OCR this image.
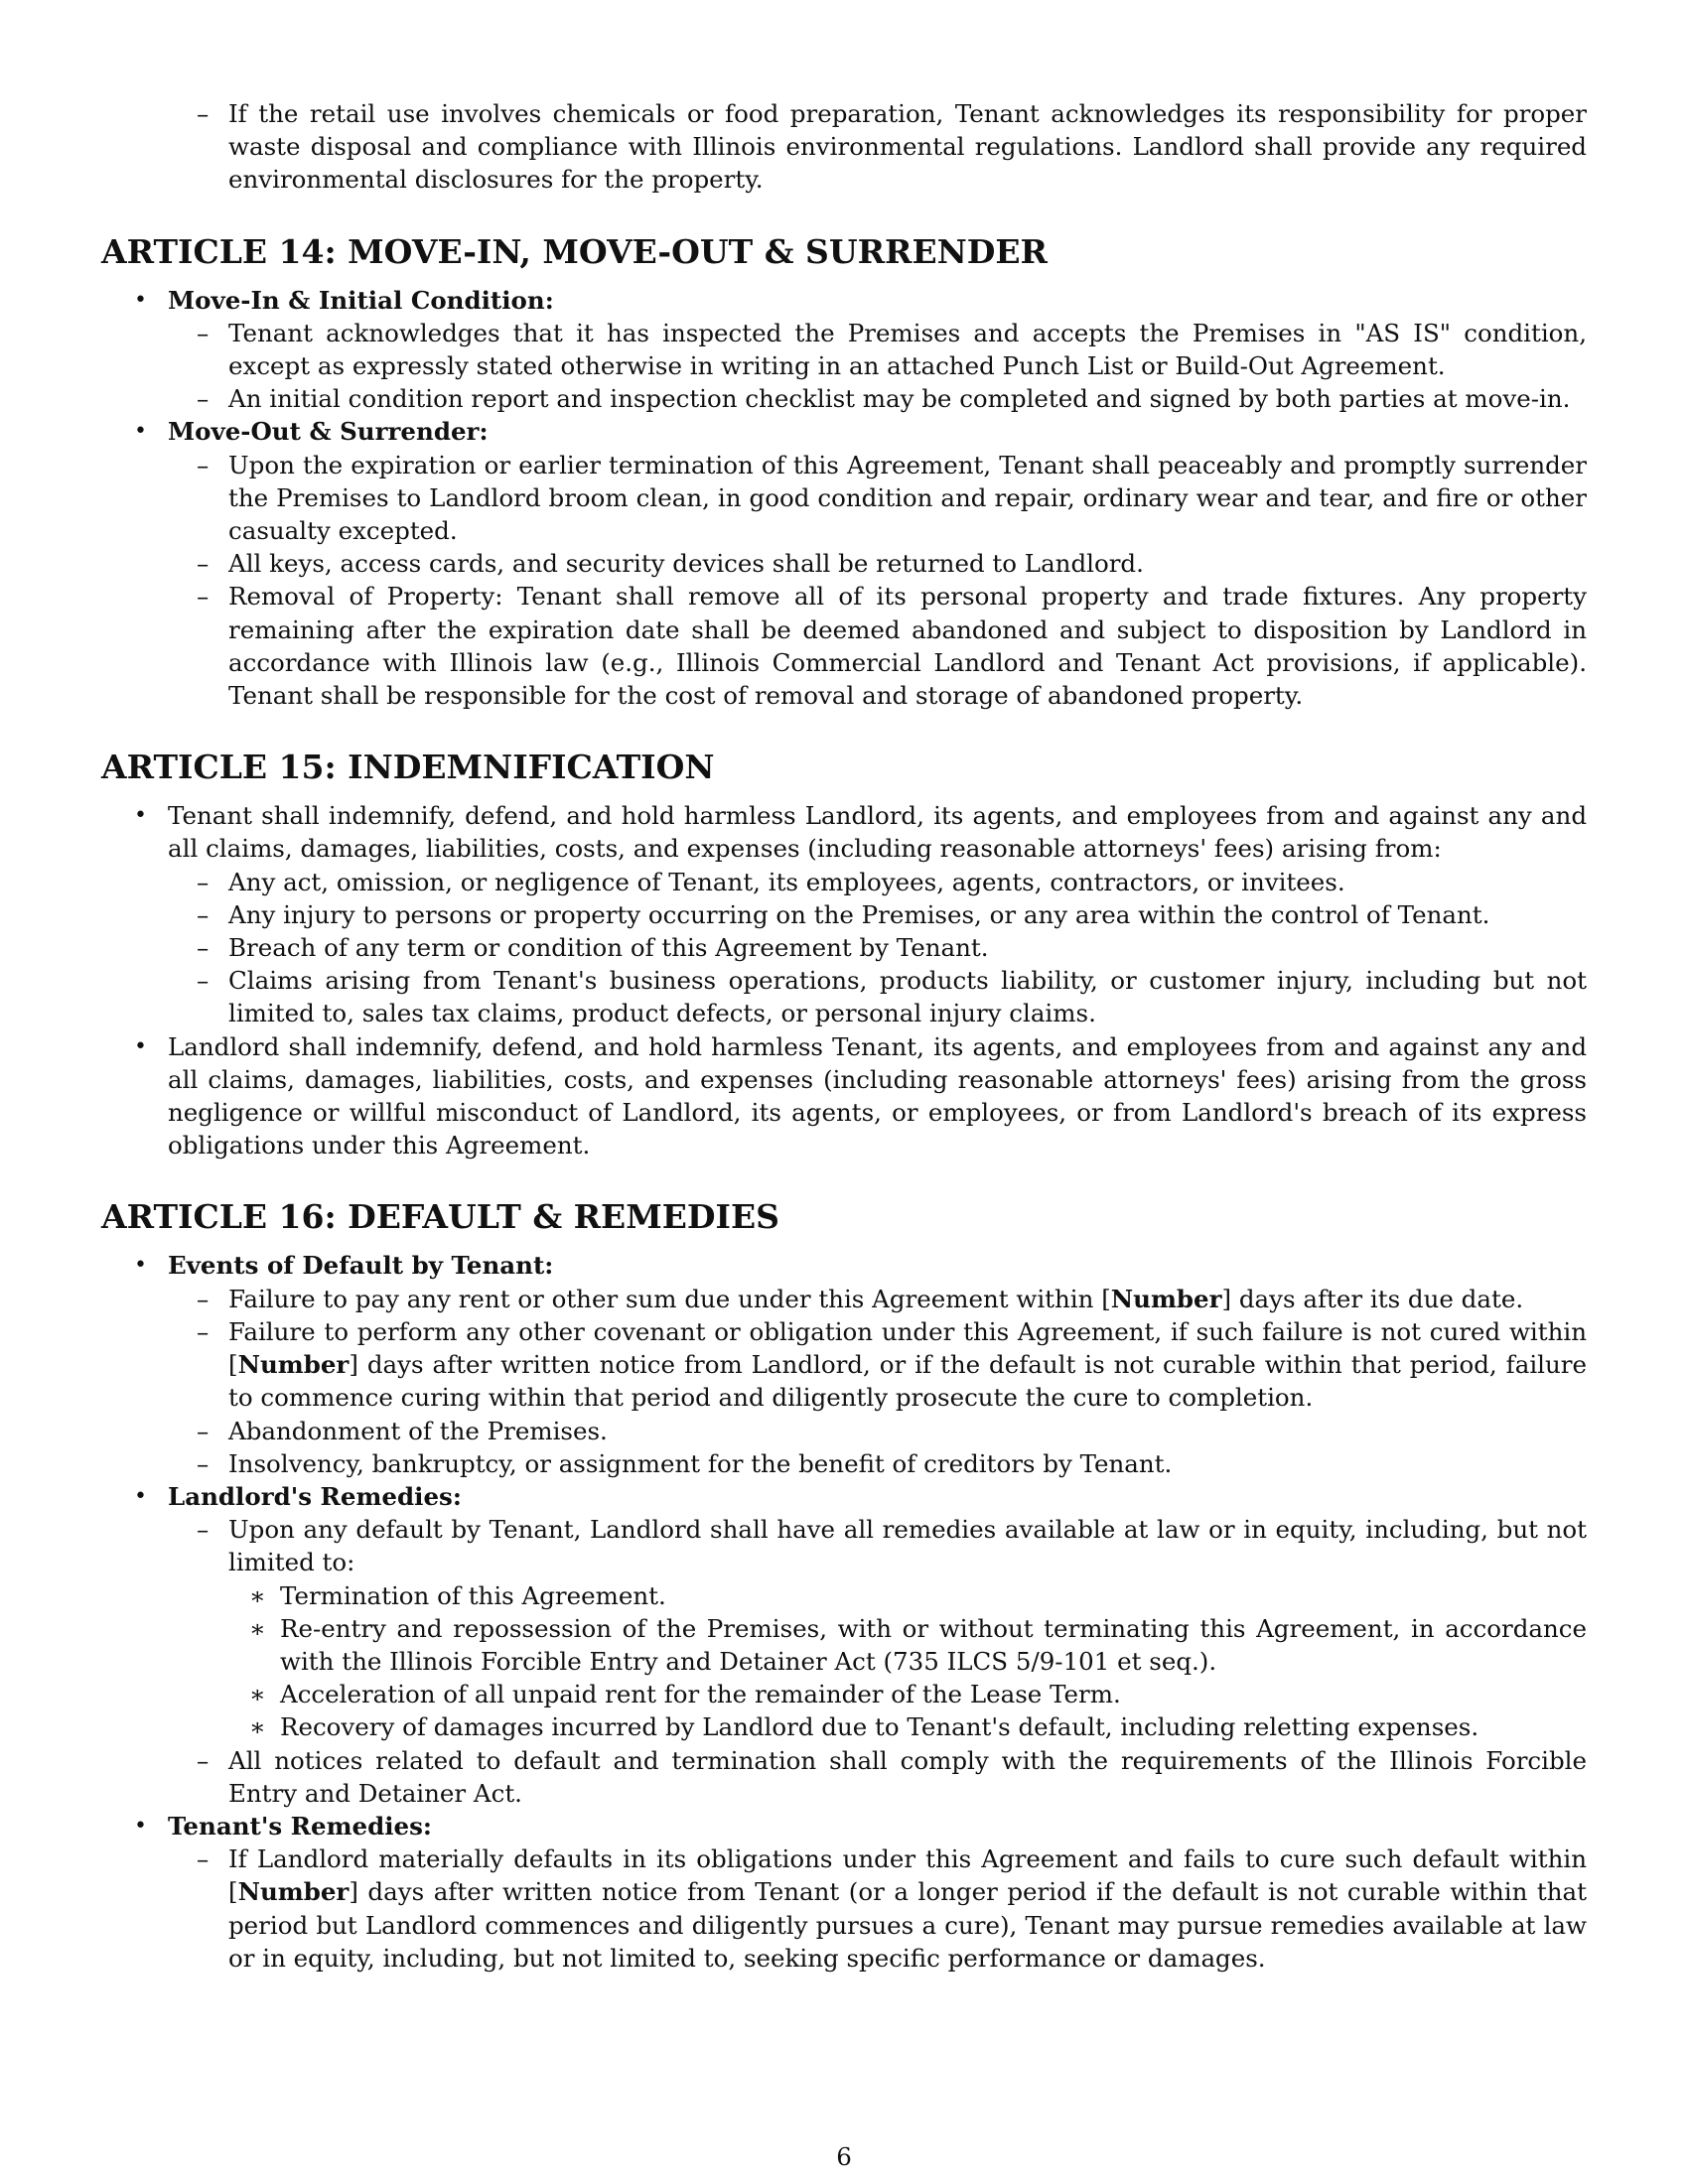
– If the retail use involves chemicals or food preparation, Tenant acknowledges its responsibility for proper waste disposal and compliance with Illinois environmental regulations. Landlord shall provide any required environmental disclosures for the property.
ARTICLE 14: MOVE-IN, MOVE-OUT & SURRENDER
• Move-In & Initial Condition:
– Tenant acknowledges that it has inspected the Premises and accepts the Premises in "AS IS" condition, except as expressly stated otherwise in writing in an attached Punch List or Build-Out Agreement.
– An initial condition report and inspection checklist may be completed and signed by both parties at move-in.
• Move-Out & Surrender:
– Upon the expiration or earlier termination of this Agreement, Tenant shall peaceably and promptly surrender the Premises to Landlord broom clean, in good condition and repair, ordinary wear and tear, and fire or other casualty excepted.
– All keys, access cards, and security devices shall be returned to Landlord.
– Removal of Property: Tenant shall remove all of its personal property and trade fixtures. Any property remaining after the expiration date shall be deemed abandoned and subject to disposition by Landlord in accordance with Illinois law (e.g., Illinois Commercial Landlord and Tenant Act provisions, if applicable). Tenant shall be responsible for the cost of removal and storage of abandoned property.
ARTICLE 15: INDEMNIFICATION
• Tenant shall indemnify, defend, and hold harmless Landlord, its agents, and employees from and against any and all claims, damages, liabilities, costs, and expenses (including reasonable attorneys' fees) arising from:
– Any act, omission, or negligence of Tenant, its employees, agents, contractors, or invitees.
– Any injury to persons or property occurring on the Premises, or any area within the control of Tenant.
– Breach of any term or condition of this Agreement by Tenant.
– Claims arising from Tenant's business operations, products liability, or customer injury, including but not limited to, sales tax claims, product defects, or personal injury claims.
• Landlord shall indemnify, defend, and hold harmless Tenant, its agents, and employees from and against any and all claims, damages, liabilities, costs, and expenses (including reasonable attorneys' fees) arising from the gross negligence or willful misconduct of Landlord, its agents, or employees, or from Landlord's breach of its express obligations under this Agreement.
ARTICLE 16: DEFAULT & REMEDIES
• Events of Default by Tenant:
– Failure to pay any rent or other sum due under this Agreement within [Number] days after its due date.
– Failure to perform any other covenant or obligation under this Agreement, if such failure is not cured within [Number] days after written notice from Landlord, or if the default is not curable within that period, failure to commence curing within that period and diligently prosecute the cure to completion.
– Abandonment of the Premises.
– Insolvency, bankruptcy, or assignment for the benefit of creditors by Tenant.
• Landlord's Remedies:
– Upon any default by Tenant, Landlord shall have all remedies available at law or in equity, including, but not limited to:
∗ Termination of this Agreement.
∗ Re-entry and repossession of the Premises, with or without terminating this Agreement, in accordance with the Illinois Forcible Entry and Detainer Act (735 ILCS 5/9-101 et seq.).
∗ Acceleration of all unpaid rent for the remainder of the Lease Term.
∗ Recovery of damages incurred by Landlord due to Tenant's default, including reletting expenses.
– All notices related to default and termination shall comply with the requirements of the Illinois Forcible Entry and Detainer Act.
• Tenant's Remedies:
– If Landlord materially defaults in its obligations under this Agreement and fails to cure such default within [Number] days after written notice from Tenant (or a longer period if the default is not curable within that period but Landlord commences and diligently pursues a cure), Tenant may pursue remedies available at law or in equity, including, but not limited to, seeking specific performance or damages.
6
